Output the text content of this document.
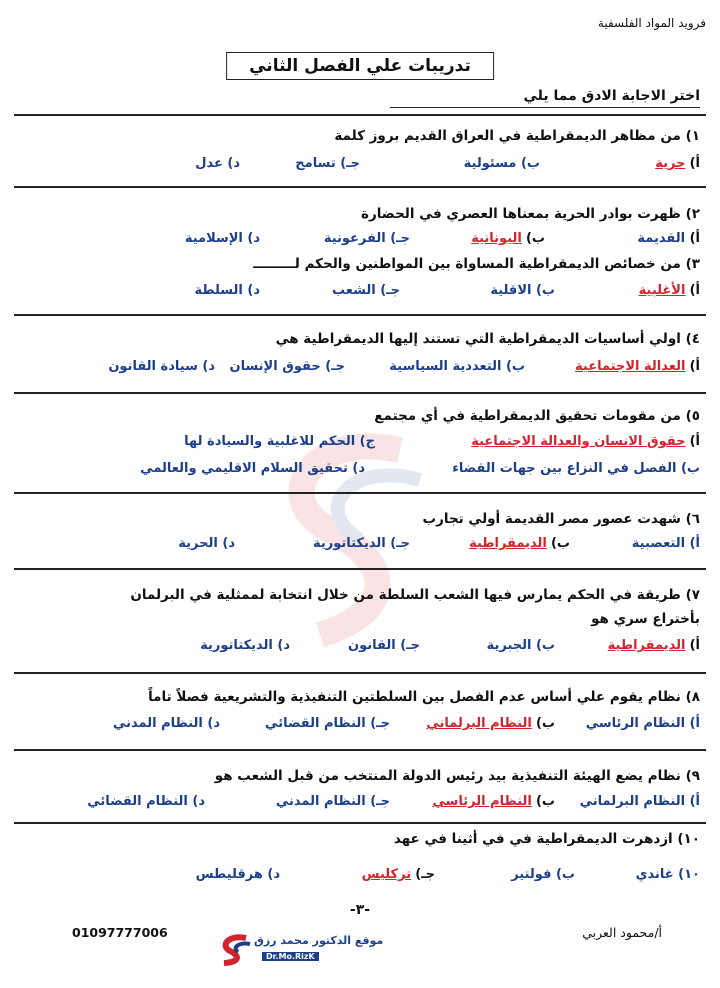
فرويد المواد الفلسفية
تدريبات علي الفصل الثاني
اختر الاجابة الادق مما يلي
١) من مظاهر الديمقراطية في العراق القديم بروز كلمة
أ) حرية
ب) مسئولية
جـ) تسامح
د) عدل
٢) ظهرت بوادر الحرية بمعناها العصري في الحضارة
أ) القديمة
ب) اليونانية
جـ) الفرعونية
د) الإسلامية
٣) من خصائص الديمقراطية المساواة بين المواطنين والحكم لـــــــــ
أ) الأغلبية
ب) الاقلية
جـ) الشعب
د) السلطة
٤) اولي أساسيات الديمقراطية التي تستند إليها الديمقراطية هي
أ) العدالة الاجتماعية
ب) التعددية السياسية
جـ) حقوق الإنسان
د) سيادة القانون
٥) من مقومات تحقيق الديمقراطية في أي مجتمع
أ) حقوق الانسان والعدالة الاجتماعية
ج) الحكم للاغلبية والسيادة لها
ب) الفصل في النزاع بين جهات القضاء
د) تحقيق السلام الاقليمي والعالمي
٦) شهدت عصور مصر القديمة أولي تجارب
أ) التعصبية
ب) الديمقراطية
جـ) الديكتاتورية
د) الحرية
٧) طريقة في الحكم يمارس فيها الشعب السلطة من خلال انتخابة لممثلية في البرلمان
بأختراع سري هو
أ) الديمقراطية
ب) الجبرية
جـ) القانون
د) الديكتاتورية
٨) نظام يقوم علي أساس عدم الفصل بين السلطتين التنفيذية والتشريعية فصلاً تاماً
أ) النظام الرئاسي
ب) النظام البرلماني
جـ) النظام القضائي
د) النظام المدني
٩) نظام يضع الهيئة التنفيذية بيد رئيس الدولة المنتخب من قبل الشعب هو
أ) النظام البرلماني
ب) النظام الرئاسي
جـ) النظام المدني
د) النظام القضائي
١٠) ازدهرت الديمقراطية في في أثينا في عهد
١٠) غاندي
ب) فولتير
جـ) تركليس
د) هرقليطس
-٣-
01097777006	أ/محمود العربي
موقع الدكتور محمد رزق
Dr.Mo.RizK
